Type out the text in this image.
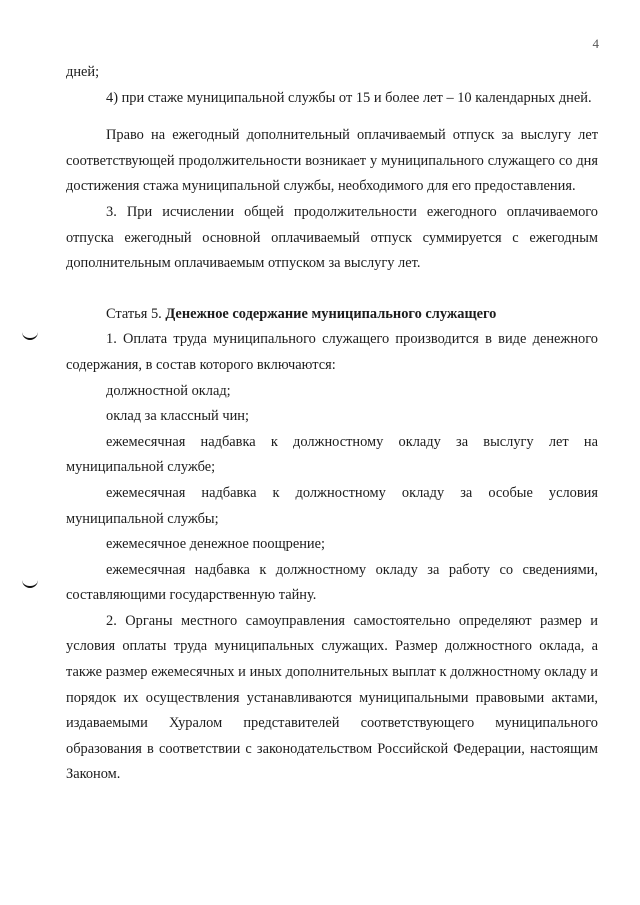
4

дней;

4) при стаже муниципальной службы от 15 и более лет – 10 календарных дней.

Право на ежегодный дополнительный оплачиваемый отпуск за выслугу лет соответствующей продолжительности возникает у муниципального служащего со дня достижения стажа муниципальной службы, необходимого для его предоставления.

3. При исчислении общей продолжительности ежегодного оплачиваемого отпуска ежегодный основной оплачиваемый отпуск суммируется с ежегодным дополнительным оплачиваемым отпуском за выслугу лет.

Статья 5. Денежное содержание муниципального служащего

1. Оплата труда муниципального служащего производится в виде денежного содержания, в состав которого включаются:

должностной оклад;

оклад за классный чин;

ежемесячная надбавка к должностному окладу за выслугу лет на муниципальной службе;

ежемесячная надбавка к должностному окладу за особые условия муниципальной службы;

ежемесячное денежное поощрение;

ежемесячная надбавка к должностному окладу за работу со сведениями, составляющими государственную тайну.

2. Органы местного самоуправления самостоятельно определяют размер и условия оплаты труда муниципальных служащих. Размер должностного оклада, а также размер ежемесячных и иных дополнительных выплат к должностному окладу и порядок их осуществления устанавливаются муниципальными правовыми актами, издаваемыми Хуралом представителей соответствующего муниципального образования в соответствии с законодательством Российской Федерации, настоящим Законом.
